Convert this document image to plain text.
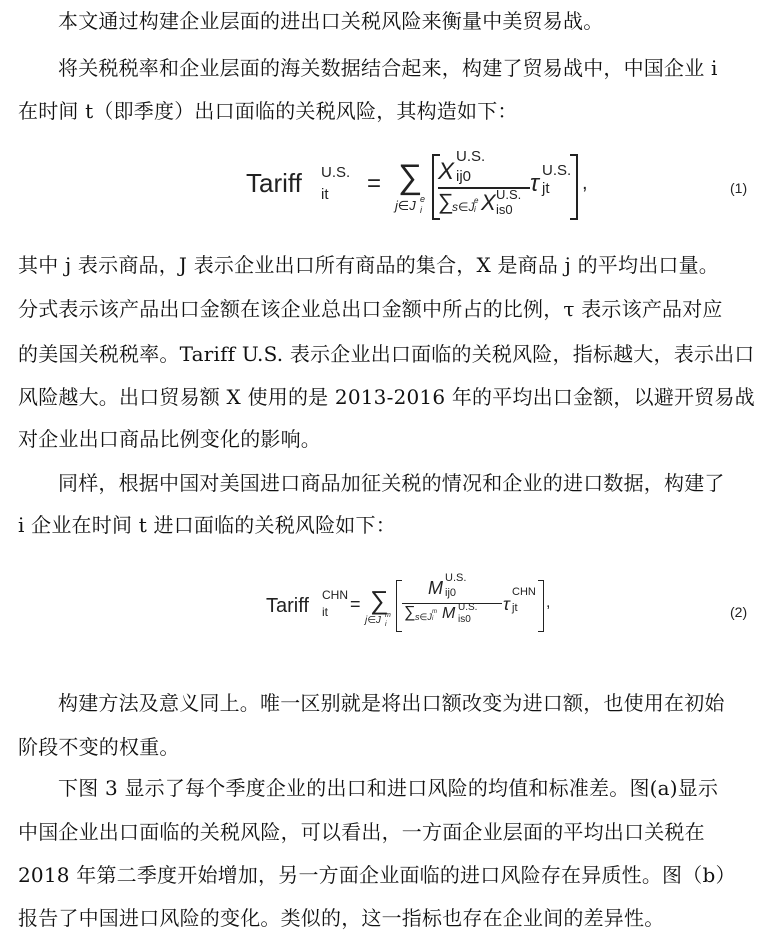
本文通过构建企业层面的进出口关税风险来衡量中美贸易战。
将关税税率和企业层面的海关数据结合起来，构建了贸易战中，中国企业 i
在时间 t（即季度）出口面临的关税风险，其构造如下：
Tariff U.S.
it = ∑
j∈J e
i
X
U.S.
ij0
∑
s∈J e
i X U.S.
is0
τ U.S.
jt ,	(1)
其中 j 表示商品，J 表示企业出口所有商品的集合，X 是商品 j 的平均出口量。
分式表示该产品出口金额在该企业总出口金额中所占的比例，τ 表示该产品对应
的美国关税税率。Tariff U.S. 表示企业出口面临的关税风险，指标越大，表示出口
风险越大。出口贸易额 X 使用的是 2013-2016 年的平均出口金额，以避开贸易战
对企业出口商品比例变化的影响。
同样，根据中国对美国进口商品加征关税的情况和企业的进口数据，构建了
i 企业在时间 t 进口面临的关税风险如下：
Tariff CHN
it = ∑
j∈J m
i
M U.S.
ij0
∑ s∈J m
i M U.S.
is0
τ
CHN
jt ,
(2)
构建方法及意义同上。唯一区别就是将出口额改变为进口额，也使用在初始
阶段不变的权重。
下图 3 显示了每个季度企业的出口和进口风险的均值和标准差。图(a)显示
中国企业出口面临的关税风险，可以看出，一方面企业层面的平均出口关税在
2018 年第二季度开始增加，另一方面企业面临的进口风险存在异质性。图（b）
报告了中国进口风险的变化。类似的，这一指标也存在企业间的差异性。
